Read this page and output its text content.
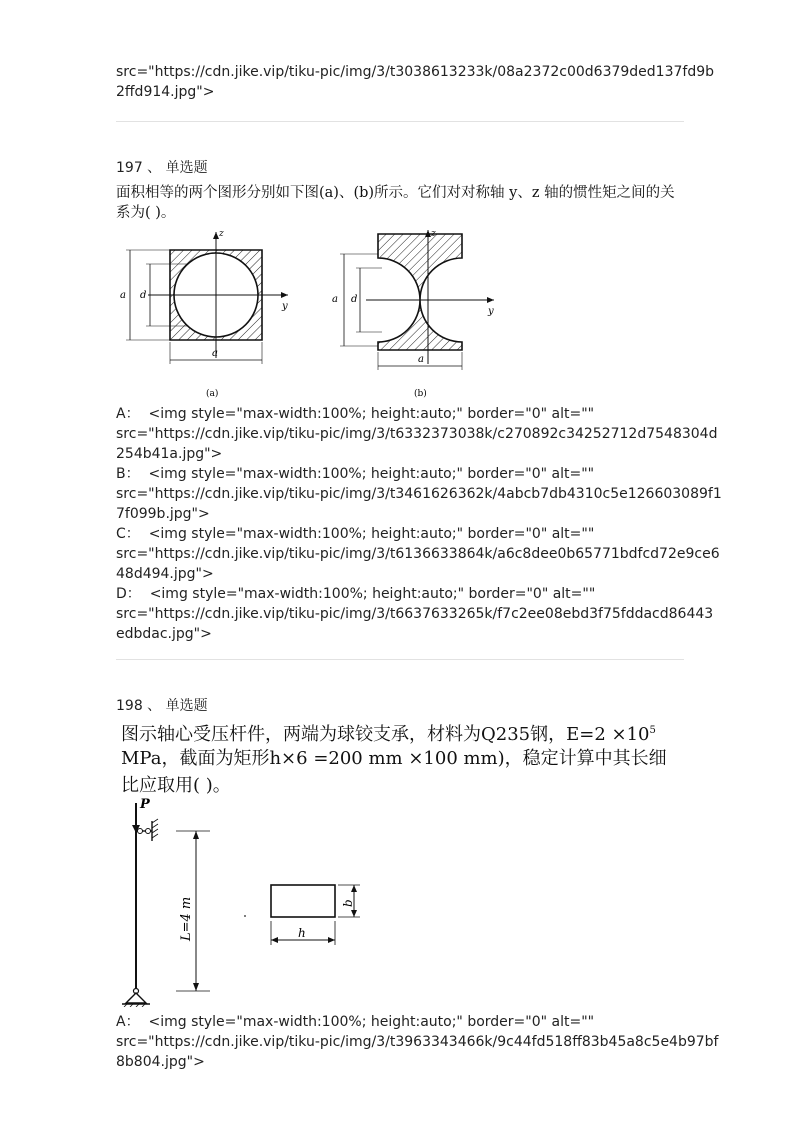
src="https://cdn.jike.vip/tiku-pic/img/3/t3038613233k/08a2372c00d6379ded137fd9b
2ffd914.jpg">
197 、 单选题
面积相等的两个图形分别如下图(a)、(b)所示。它们对对称轴 y、z 轴的惯性矩之间的关
系为( )。
z
y
a d
a
(a)
z
y
a d
a
(b)
A： <img style="max-width:100%; height:auto;" border="0" alt=""
src="https://cdn.jike.vip/tiku-pic/img/3/t6332373038k/c270892c34252712d7548304d
254b41a.jpg">
B： <img style="max-width:100%; height:auto;" border="0" alt=""
src="https://cdn.jike.vip/tiku-pic/img/3/t3461626362k/4abcb7db4310c5e126603089f1
7f099b.jpg">
C： <img style="max-width:100%; height:auto;" border="0" alt=""
src="https://cdn.jike.vip/tiku-pic/img/3/t6136633864k/a6c8dee0b65771bdfcd72e9ce6
48d494.jpg">
D： <img style="max-width:100%; height:auto;" border="0" alt=""
src="https://cdn.jike.vip/tiku-pic/img/3/t6637633265k/f7c2ee08ebd3f75fddacd86443
edbdac.jpg">
198 、 单选题
图示轴心受压杆件，两端为球铰支承，材料为Q235钢，$E=2 \times 10^5$
MPa，截面为矩形h×6 =200 mm ×100 mm)，稳定计算中其长细
比应取用( )。
P
L=4 m	h
b
A： <img style="max-width:100%; height:auto;" border="0" alt=""
src="https://cdn.jike.vip/tiku-pic/img/3/t3963343466k/9c44fd518ff83b45a8c5e4b97bf
8b804.jpg">
